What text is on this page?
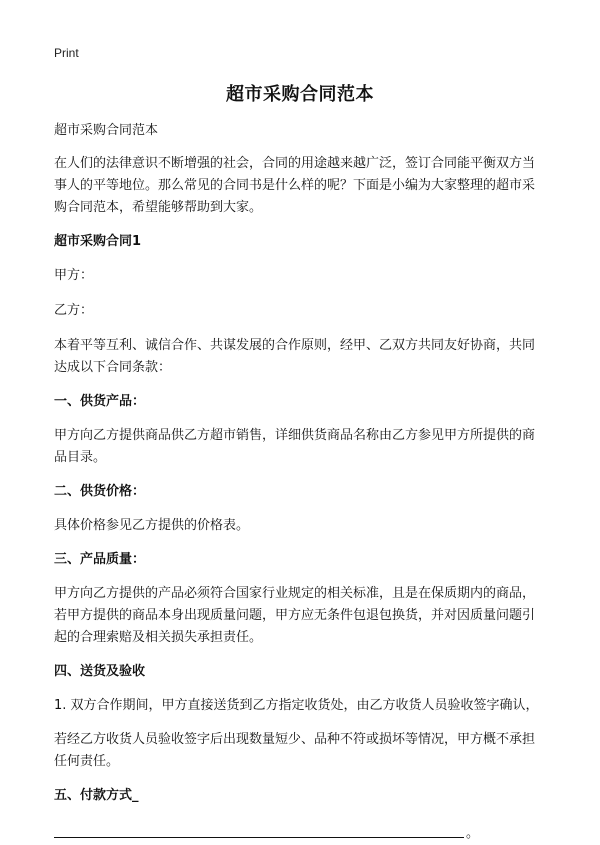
Print
超市采购合同范本

超市采购合同范本

在人们的法律意识不断增强的社会，合同的用途越来越广泛，签订合同能平衡双方当事人的平等地位。那么常见的合同书是什么样的呢？下面是小编为大家整理的超市采购合同范本，希望能够帮助到大家。

超市采购合同1

甲方：

乙方：

本着平等互利、诚信合作、共谋发展的合作原则，经甲、乙双方共同友好协商，共同达成以下合同条款：

一、供货产品：

甲方向乙方提供商品供乙方超市销售，详细供货商品名称由乙方参见甲方所提供的商品目录。

二、供货价格：

具体价格参见乙方提供的价格表。

三、产品质量：

甲方向乙方提供的产品必须符合国家行业规定的相关标准，且是在保质期内的商品，若甲方提供的商品本身出现质量问题，甲方应无条件包退包换货，并对因质量问题引起的合理索赔及相关损失承担责任。

四、送货及验收

1. 双方合作期间，甲方直接送货到乙方指定收货处，由乙方收货人员验收签字确认，

若经乙方收货人员验收签字后出现数量短少、品种不符或损坏等情况，甲方概不承担任何责任。

五、付款方式_

。
